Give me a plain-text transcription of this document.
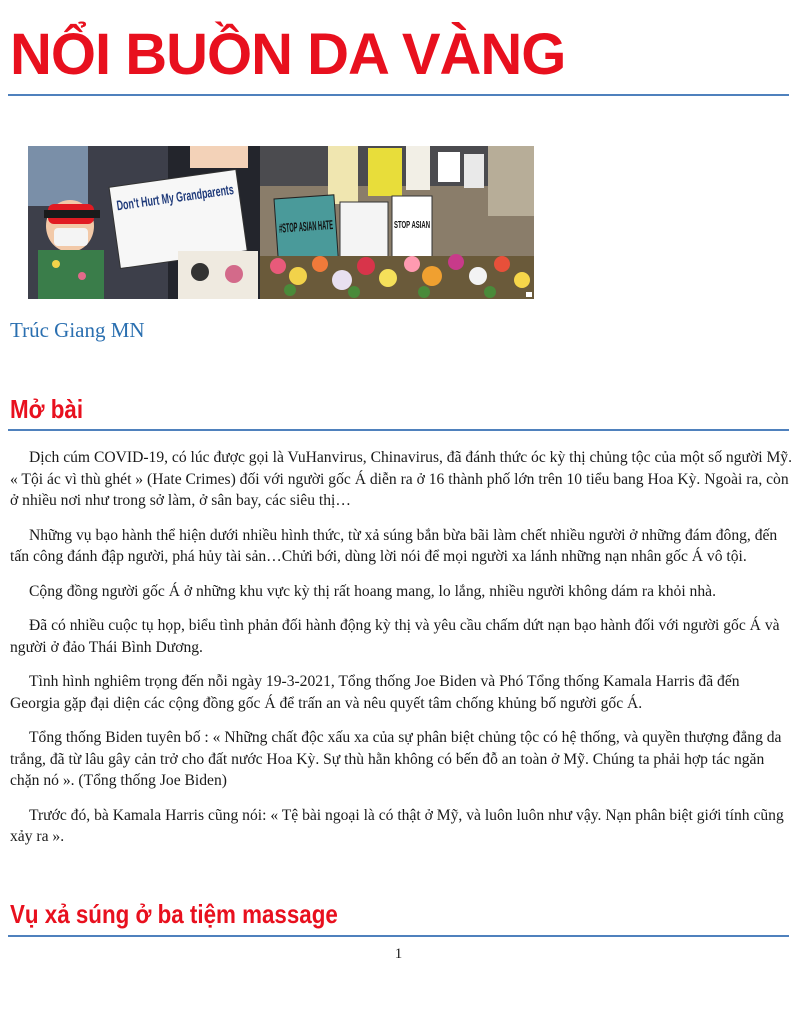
NỔI BUỒN DA VÀNG
Don't Hurt My Grandparents
STOP ASIAN

Trúc Giang MN

Mở bài

Dịch cúm COVID-19, có lúc được gọi là VuHanvirus, Chinavirus, đã đánh thức óc kỳ thị chủng tộc của một số người Mỹ. « Tội ác vì thù ghét » (Hate Crimes) đối với người gốc Á diễn ra ở 16 thành phố lớn trên 10 tiểu bang Hoa Kỳ. Ngoài ra, còn ở nhiều nơi như trong sở làm, ở sân bay, các siêu thị…

Những vụ bạo hành thể hiện dưới nhiều hình thức, từ xả súng bắn bừa bãi làm chết nhiều người ở những đám đông, đến tấn công đánh đập người, phá hủy tài sản…Chửi bới, dùng lời nói để mọi người xa lánh những nạn nhân gốc Á vô tội.

Cộng đồng người gốc Á ở những khu vực kỳ thị rất hoang mang, lo lắng, nhiều người không dám ra khỏi nhà.

Đã có nhiều cuộc tụ họp, biểu tình phản đối hành động kỳ thị và yêu cầu chấm dứt nạn bạo hành đối với người gốc Á và người ở đảo Thái Bình Dương.

Tình hình nghiêm trọng đến nỗi ngày 19-3-2021, Tổng thống Joe Biden và Phó Tổng thống Kamala Harris đã đến Georgia gặp đại diện các cộng đồng gốc Á để trấn an và nêu quyết tâm chống khủng bố người gốc Á.

Tổng thống Biden tuyên bố : « Những chất độc xấu xa của sự phân biệt chủng tộc có hệ thống, và quyền thượng đẳng da trắng, đã từ lâu gây cản trở cho đất nước Hoa Kỳ. Sự thù hằn không có bến đỗ an toàn ở Mỹ. Chúng ta phải hợp tác ngăn chặn nó ». (Tổng thống Joe Biden)

Trước đó, bà Kamala Harris cũng nói: « Tệ bài ngoại là có thật ở Mỹ, và luôn luôn như vậy. Nạn phân biệt giới tính cũng xảy ra ».

Vụ xả súng ở ba tiệm massage
1
